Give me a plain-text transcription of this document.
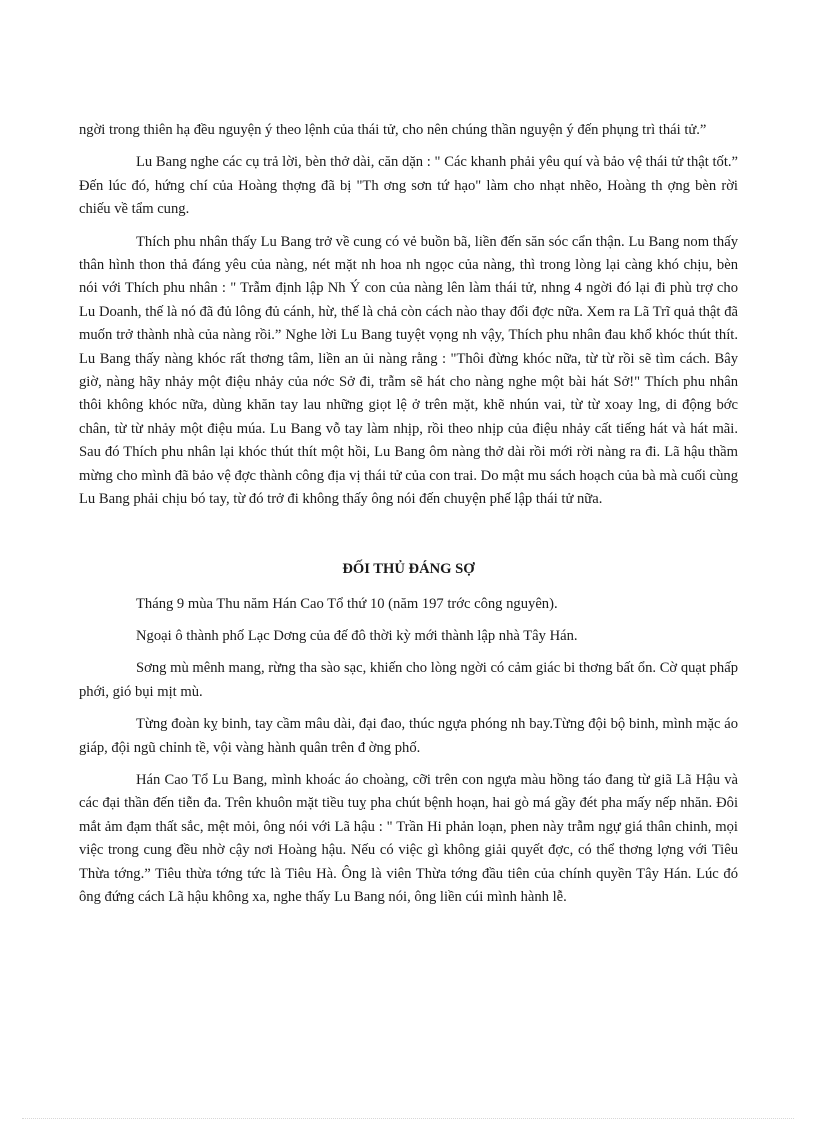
ngời trong thiên hạ đều nguyện ý theo lệnh của thái tử, cho nên chúng thần nguyện ý đến phụng trì thái tử.”

Lu Bang nghe các cụ trả lời, bèn thở dài, căn dặn : " Các khanh phải yêu quí và bảo vệ thái tử thật tốt.” Đến lúc đó, hứng chí của Hoàng thợng đã bị "Th ơng sơn tứ hạo" làm cho nhạt nhẽo, Hoàng th ợng bèn rời chiếu về tẩm cung.

Thích phu nhân thấy Lu Bang trở về cung có vẻ buồn bã, liền đến săn sóc cẩn thận. Lu Bang nom thấy thân hình thon thả đáng yêu của nàng, nét mặt nh hoa nh ngọc của nàng, thì trong lòng lại càng khó chịu, bèn nói với Thích phu nhân : " Trẫm định lập Nh Ý con của nàng lên làm thái tử, nhng 4 ngời đó lại đi phù trợ cho Lu Doanh, thế là nó đã đủ lông đủ cánh, hừ, thế là chả còn cách nào thay đổi đợc nữa. Xem ra Lã Trĩ quả thật đã muốn trở thành nhà của nàng rồi.” Nghe lời Lu Bang tuyệt vọng nh vậy, Thích phu nhân đau khổ khóc thút thít. Lu Bang thấy nàng khóc rất thơng tâm, liền an ủi nàng rằng : "Thôi đừng khóc nữa, từ từ rồi sẽ tìm cách. Bây giờ, nàng hãy nhảy một điệu nhảy của nớc Sở đi, trẫm sẽ hát cho nàng nghe một bài hát Sở!" Thích phu nhân thôi không khóc nữa, dùng khăn tay lau những giọt lệ ở trên mặt, khẽ nhún vai, từ từ xoay lng, di động bớc chân, từ từ nhảy một điệu múa. Lu Bang vỗ tay làm nhịp, rồi theo nhịp của điệu nhảy cất tiếng hát và hát mãi. Sau đó Thích phu nhân lại khóc thút thít một hồi, Lu Bang ôm nàng thở dài rồi mới rời nàng ra đi. Lã hậu thầm mừng cho mình đã bảo vệ đợc thành công địa vị thái tử của con trai. Do mật mu sách hoạch của bà mà cuối cùng Lu Bang phải chịu bó tay, từ đó trở đi không thấy ông nói đến chuyện phế lập thái tử nữa.

ĐỐI THỦ ĐÁNG SỢ

Tháng 9 mùa Thu năm Hán Cao Tổ thứ 10 (năm 197 trớc công nguyên).

Ngoại ô thành phố Lạc Dơng của đế đô thời kỳ mới thành lập nhà Tây Hán.

Sơng mù mênh mang, rừng tha sào sạc, khiến cho lòng ngời có cảm giác bi thơng bất ổn. Cờ quạt phấp phới, gió bụi mịt mù.

Từng đoàn kỵ binh, tay cầm mâu dài, đại đao, thúc ngựa phóng nh bay.Từng đội bộ binh, mình mặc áo giáp, đội ngũ chỉnh tề, vội vàng hành quân trên đ ờng phố.

Hán Cao Tổ Lu Bang, mình khoác áo choàng, cỡi trên con ngựa màu hồng táo đang từ giã Lã Hậu và các đại thần đến tiễn đa. Trên khuôn mặt tiều tuỵ pha chút bệnh hoạn, hai gò má gầy đét pha mấy nếp nhăn. Đôi mắt ảm đạm thất sắc, mệt mỏi, ông nói với Lã hậu : " Trần Hi phản loạn, phen này trẫm ngự giá thân chinh, mọi việc trong cung đều nhờ cậy nơi Hoàng hậu. Nếu có việc gì không giải quyết đợc, có thể thơng lợng với Tiêu Thừa tớng.” Tiêu thừa tớng tức là Tiêu Hà. Ông là viên Thừa tớng đầu tiên của chính quyền Tây Hán. Lúc đó ông đứng cách Lã hậu không xa, nghe thấy Lu Bang nói, ông liền cúi mình hành lễ.
